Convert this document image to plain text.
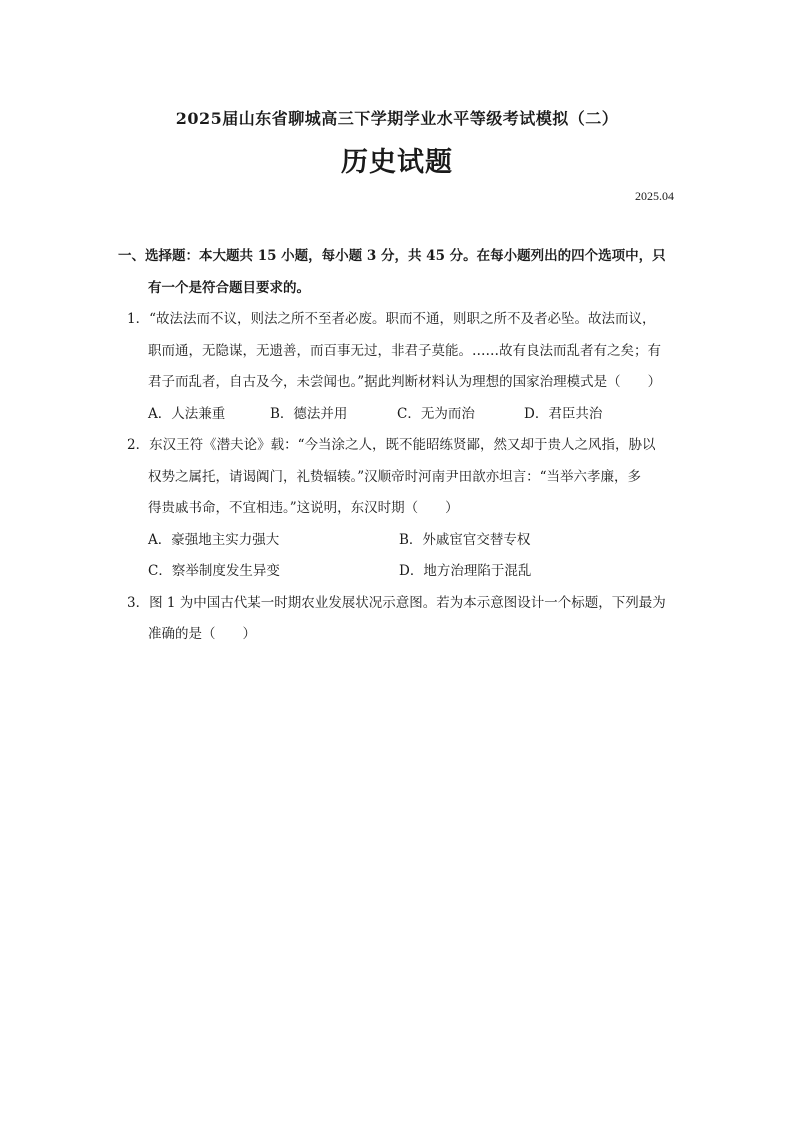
2025届山东省聊城高三下学期学业水平等级考试模拟（二）
历史试题
2025.04
一、选择题：本大题共 15 小题，每小题 3 分，共 45 分。在每小题列出的四个选项中，只
有一个是符合题目要求的。
1．“故法法而不议，则法之所不至者必废。职而不通，则职之所不及者必坠。故法而议，
职而通，无隐谋，无遗善，而百事无过，非君子莫能。……故有良法而乱者有之矣；有
君子而乱者，自古及今，未尝闻也。”据此判断材料认为理想的国家治理模式是（　　）
A．人法兼重	B．德法并用	C．无为而治	D．君臣共治
2．东汉王符《潜夫论》载：“今当涂之人，既不能昭练贤鄙，然又却于贵人之风指，胁以
权势之属托，请谒阗门，礼贽辐辏。”汉顺帝时河南尹田歆亦坦言：“当举六孝廉，多
得贵戚书命，不宜相违。”这说明，东汉时期（　　）
A．豪强地主实力强大	B．外戚宦官交替专权
C．察举制度发生异变	D．地方治理陷于混乱
3．图 1 为中国古代某一时期农业发展状况示意图。若为本示意图设计一个标题，下列最为
准确的是（　　）
